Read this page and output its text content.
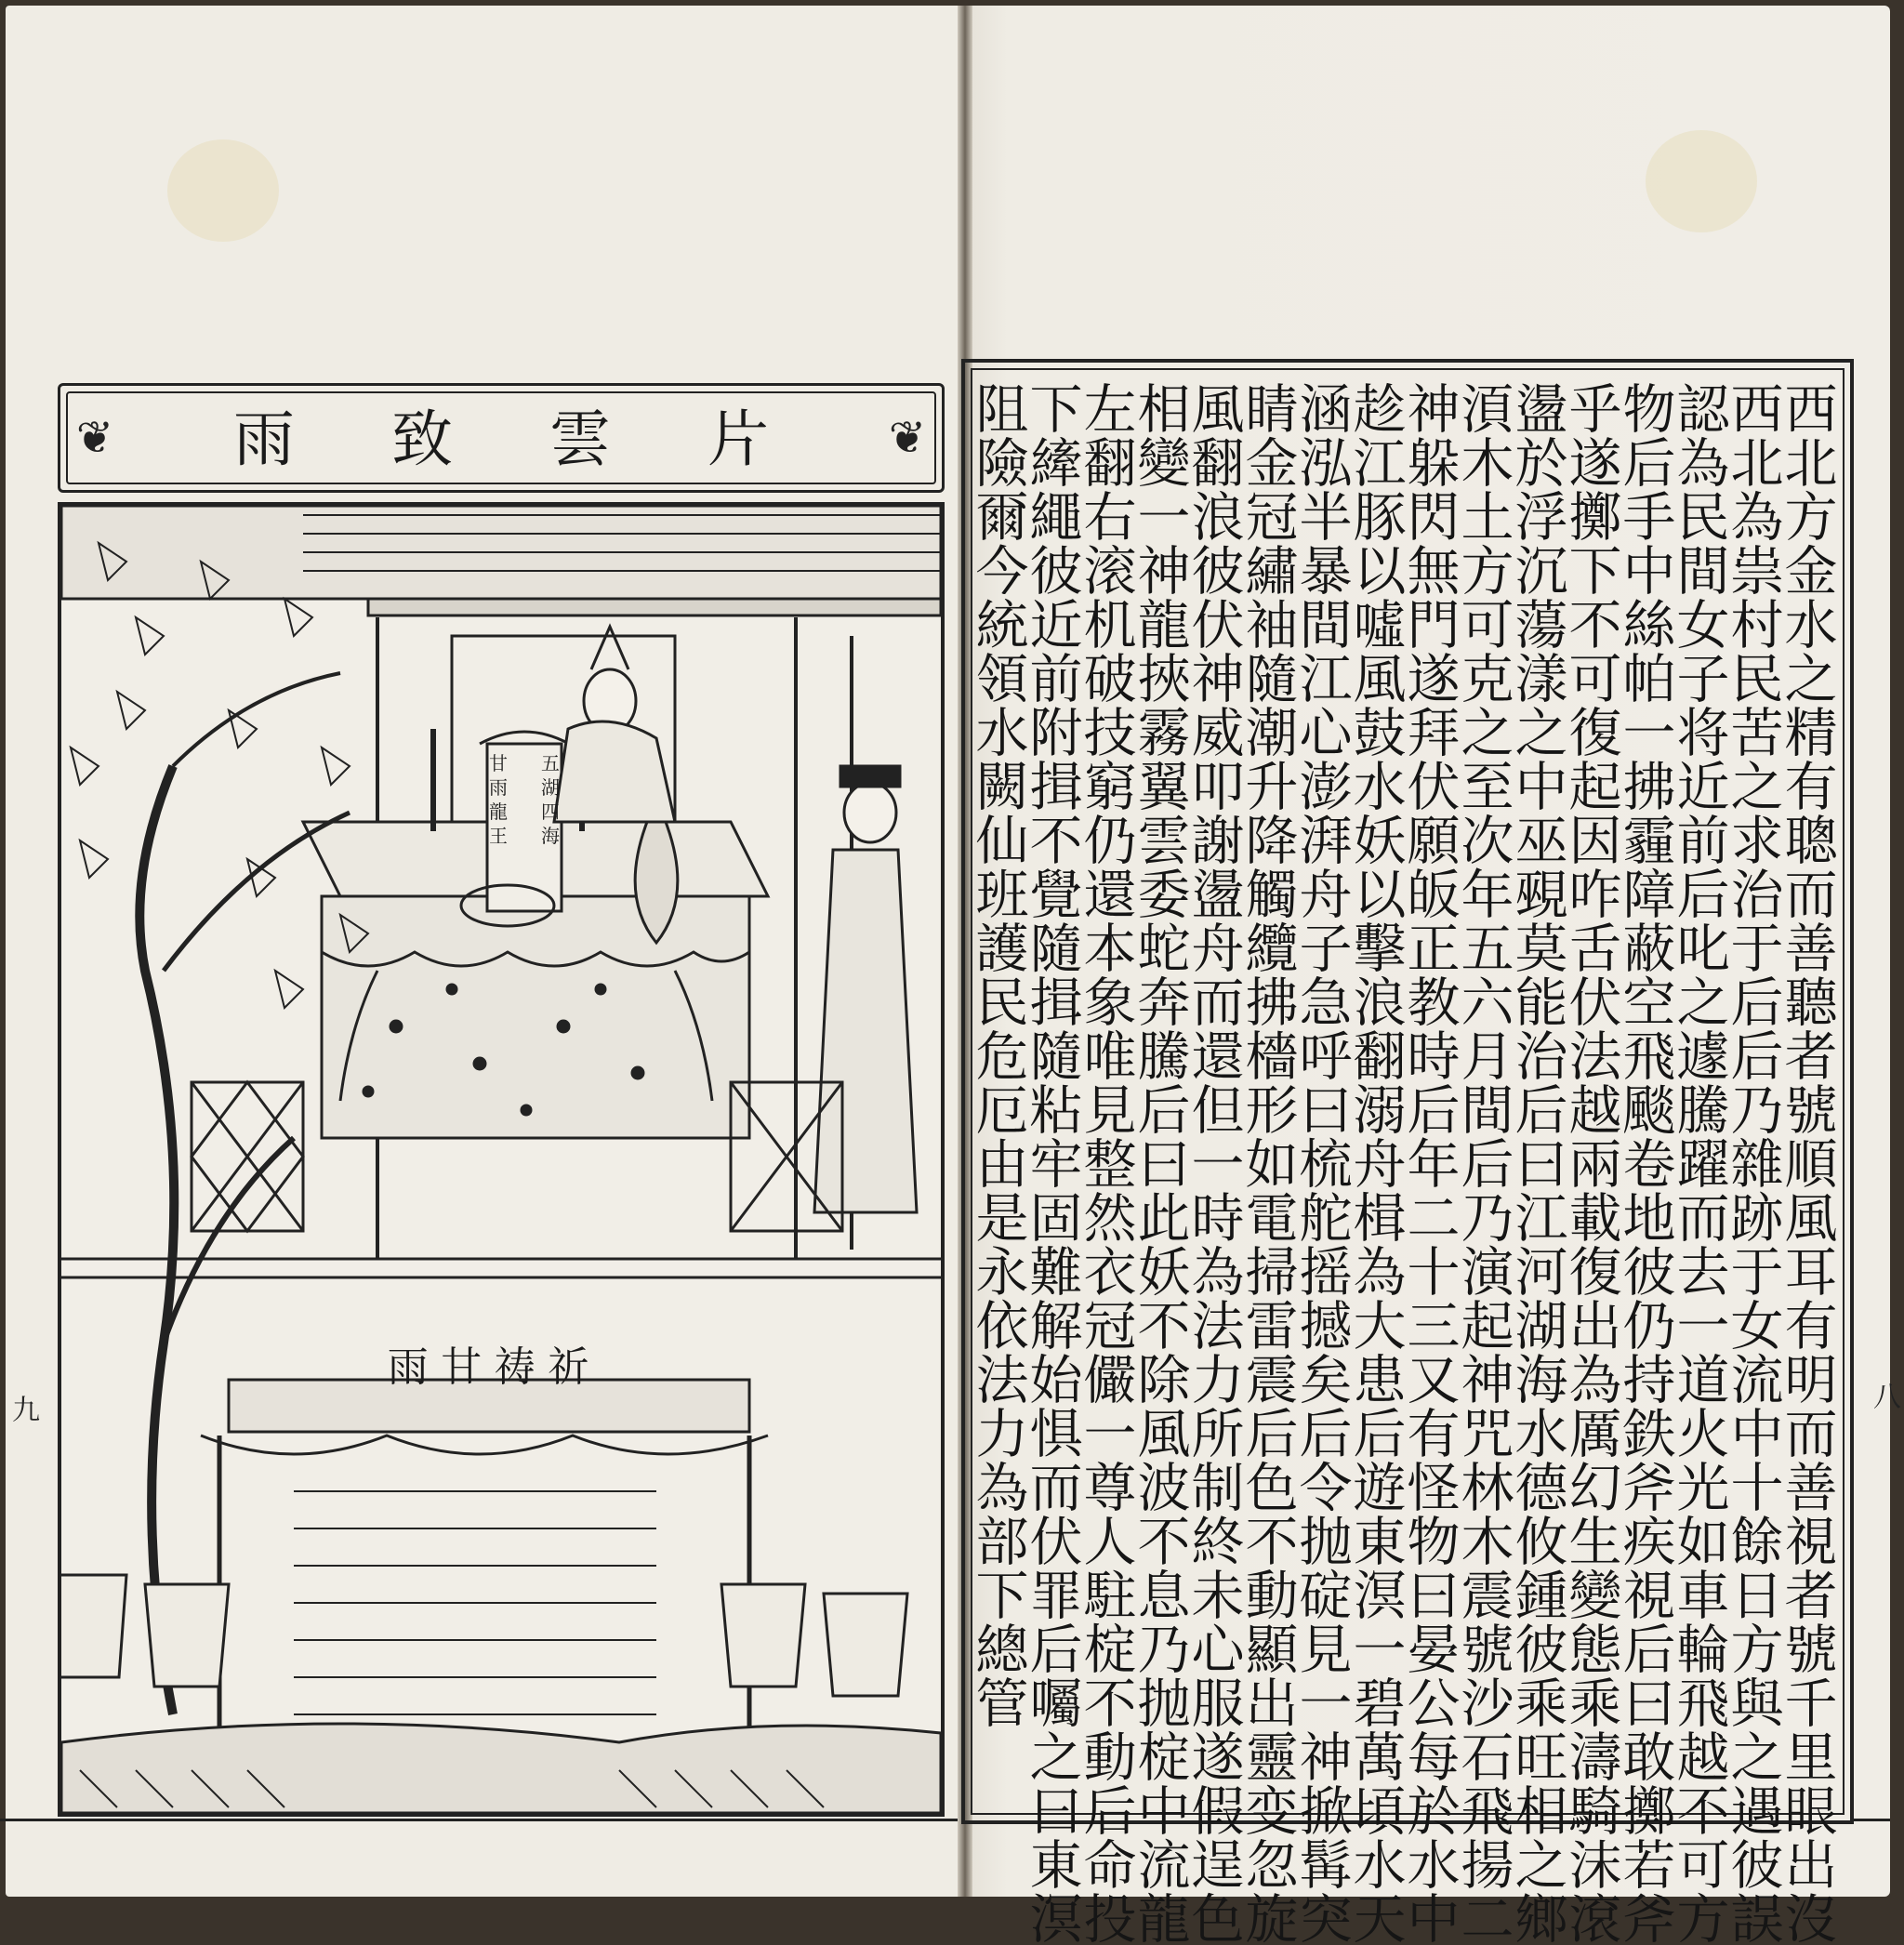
❦	❦
片
雲
致
雨
祈
祷
甘
雨
五湖四海
甘雨龍王
九	八
西北方金水之精有聰而善聽者號順風耳有明而善視者號千里眼出沒
西北為祟村民苦之求治于后后乃雜跡于女流中十餘日方與之遇彼誤
認為民間女子将近前后叱之遽騰躍而去一道火光如車輪飛越不可方
物后手中絲帕一拂霾障蔽空飛颷卷地彼仍持鉄斧疾視后曰敢擲若斧
乎遂擲下不可復起因咋舌伏法越兩載復出為厲幻生變態乘濤騎沫滾
盪於浮沉蕩漾之中巫覡莫能治后曰江河湖海水德攸鍾彼乘旺相之鄉
湏木土方可克之至次年五六月間后乃演起神咒林木震號沙石飛揚二
神躲閃無門遂拜伏願皈正教時后年二十三又有怪物曰晏公每於水中
趁江豚以噓風鼓水妖以擊浪翻溺舟楫為大患后遊東溟一碧萬頃水天
涵泓半暴間江心澎湃舟子急呼曰梳舵摇撼矣后令抛碇見一神掀髯突
睛金冠繡袖隨潮升降觸纜拂檣形如電掃雷震后色不動顯出靈变忽旋
風翻浪彼伏神威叩謝盪舟而還但一時為法力所制終未心服遂假逞色
相變一神龍挾霧翼雲委蛇奔騰后曰此妖不除風波不息乃抛椗中流龍
左翻右滚机破技窮仍還本象唯見整然衣冠儼一尊人駐椗不動后命投
下縴繩彼近前附揖不覺隨揖隨粘牢固難解始惧而伏罪后囑之曰東溟
阻險爾今統領水闕仙班護民危厄由是永依法力為部下總管
